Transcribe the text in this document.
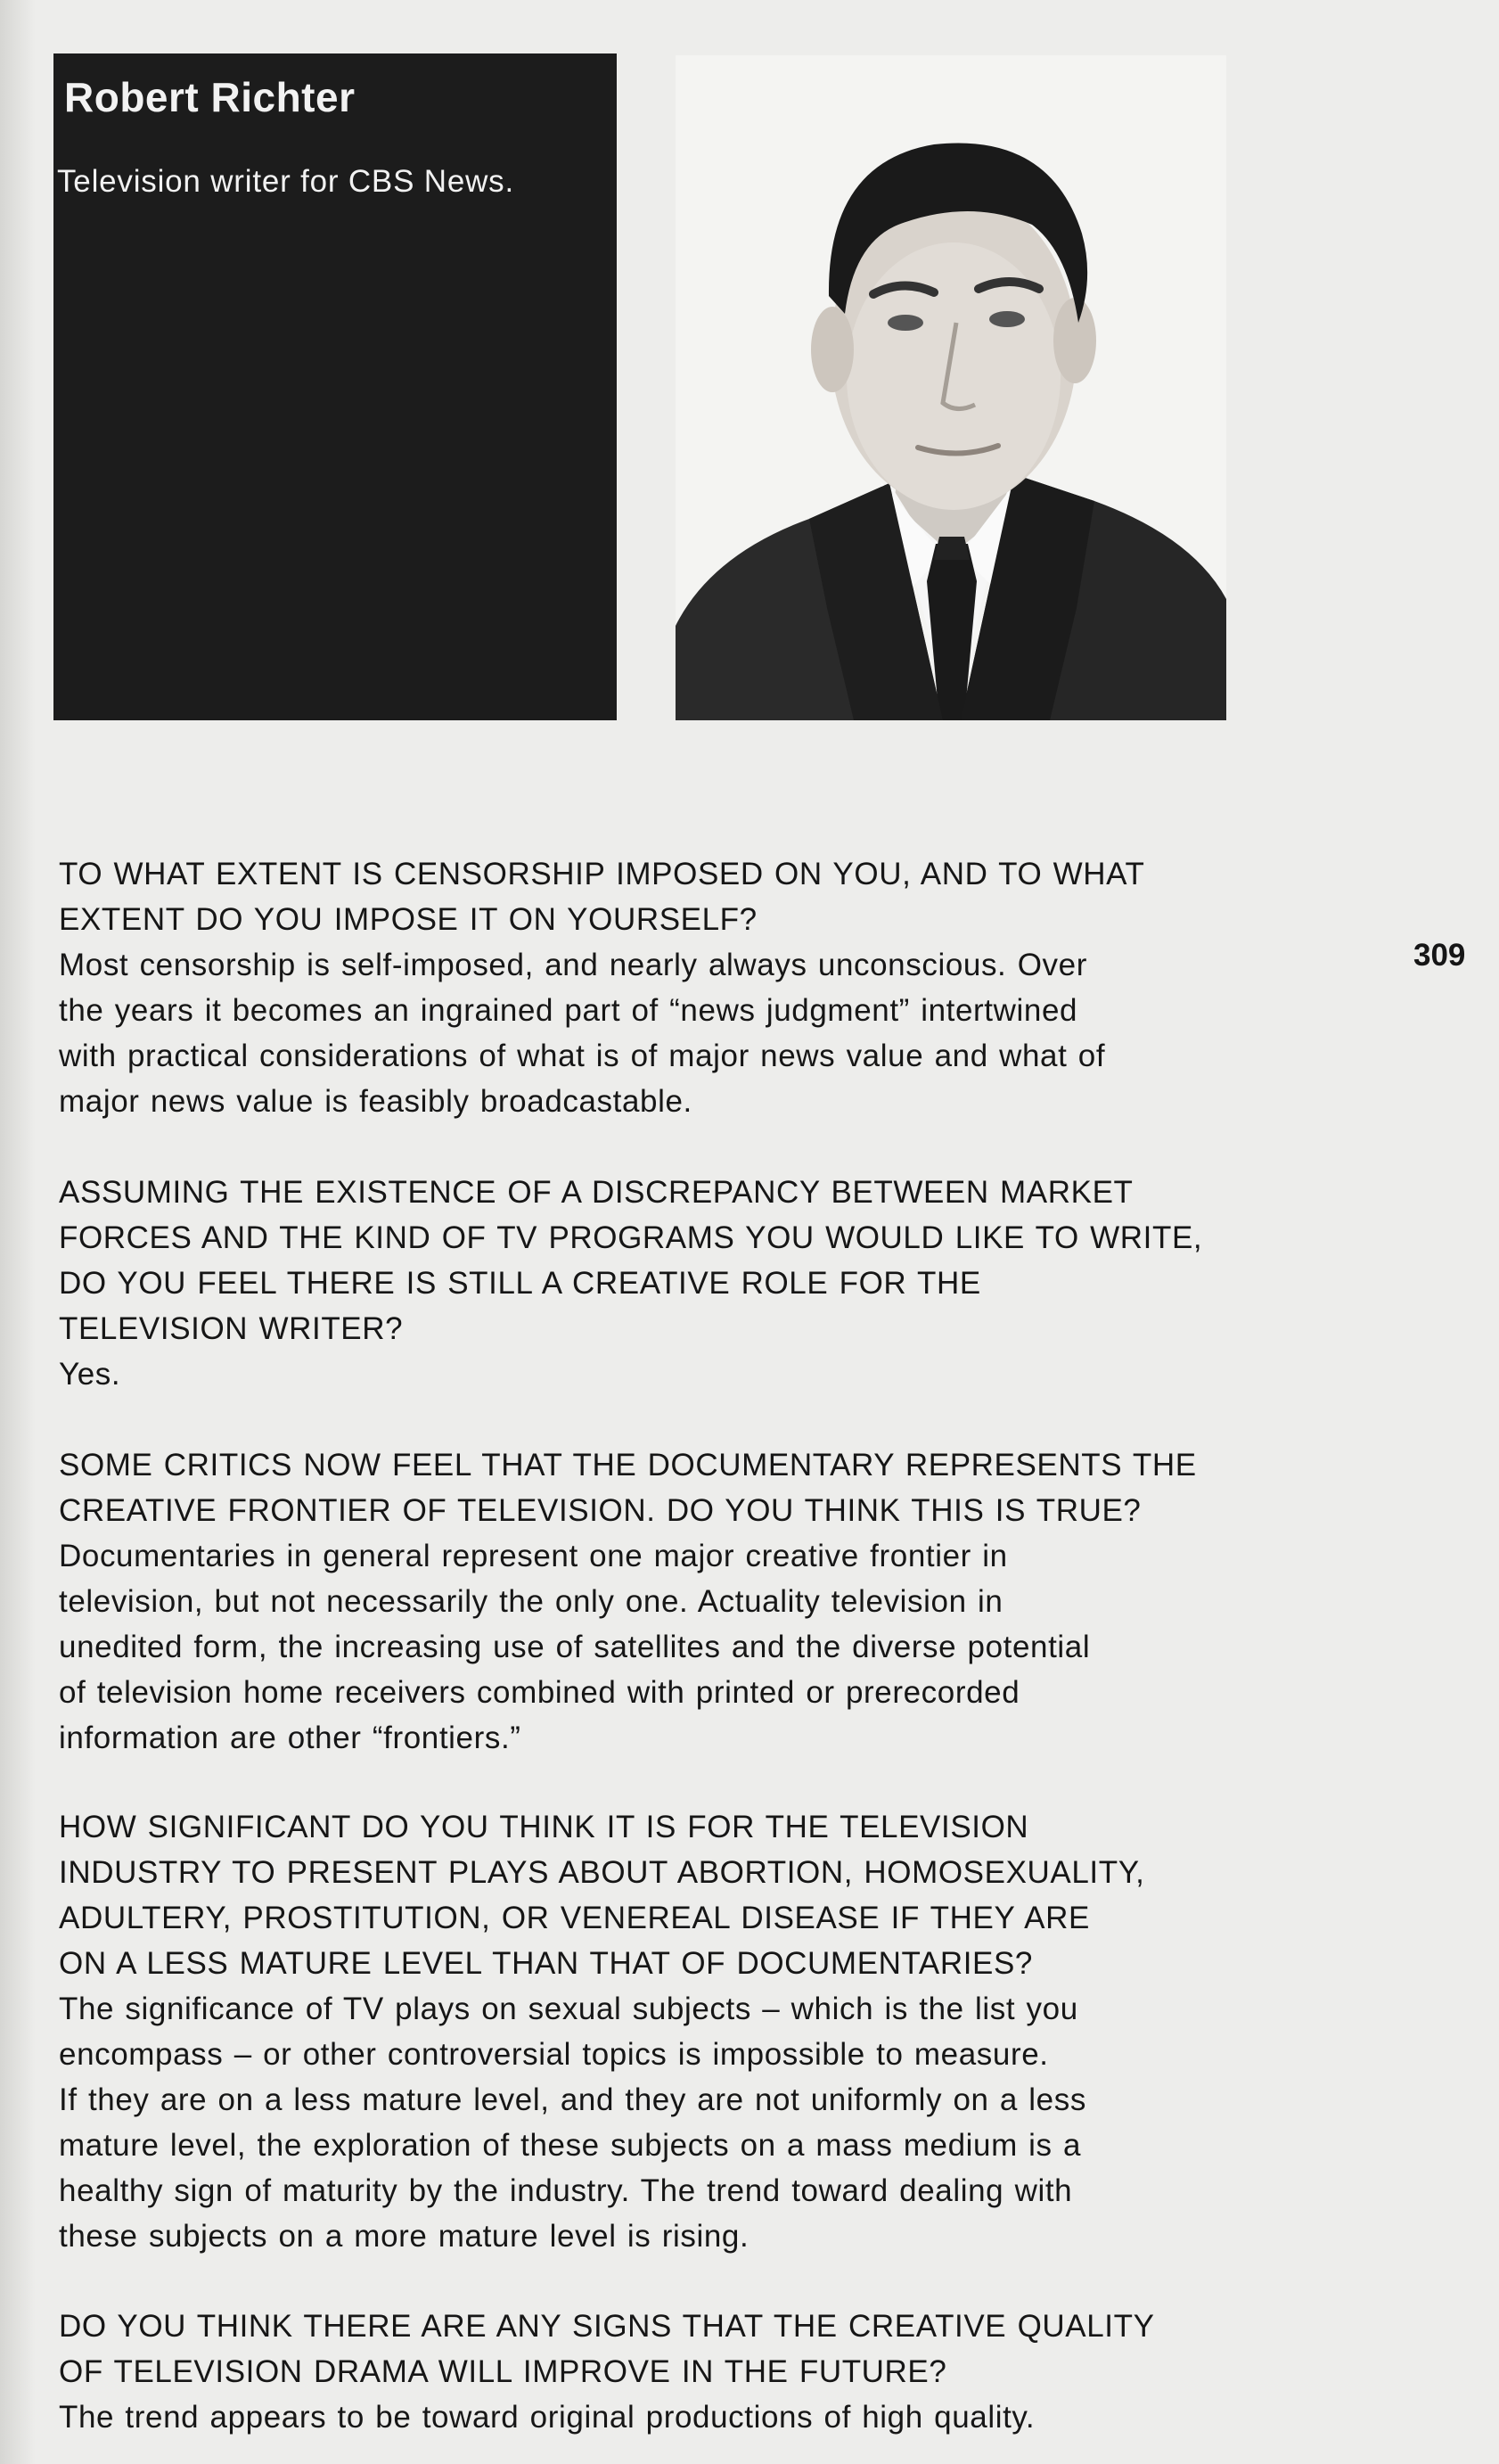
Robert Richter
Television writer for CBS News.
309
TO WHAT EXTENT IS CENSORSHIP IMPOSED ON YOU, AND TO WHAT
EXTENT DO YOU IMPOSE IT ON YOURSELF?
Most censorship is self-imposed, and nearly always unconscious. Over
the years it becomes an ingrained part of “news judgment” intertwined
with practical considerations of what is of major news value and what of
major news value is feasibly broadcastable.
ASSUMING THE EXISTENCE OF A DISCREPANCY BETWEEN MARKET
FORCES AND THE KIND OF TV PROGRAMS YOU WOULD LIKE TO WRITE,
DO YOU FEEL THERE IS STILL A CREATIVE ROLE FOR THE
TELEVISION WRITER?
Yes.
SOME CRITICS NOW FEEL THAT THE DOCUMENTARY REPRESENTS THE
CREATIVE FRONTIER OF TELEVISION. DO YOU THINK THIS IS TRUE?
Documentaries in general represent one major creative frontier in
television, but not necessarily the only one. Actuality television in
unedited form, the increasing use of satellites and the diverse potential
of television home receivers combined with printed or prerecorded
information are other “frontiers.”
HOW SIGNIFICANT DO YOU THINK IT IS FOR THE TELEVISION
INDUSTRY TO PRESENT PLAYS ABOUT ABORTION, HOMOSEXUALITY,
ADULTERY, PROSTITUTION, OR VENEREAL DISEASE IF THEY ARE
ON A LESS MATURE LEVEL THAN THAT OF DOCUMENTARIES?
The significance of TV plays on sexual subjects – which is the list you
encompass – or other controversial topics is impossible to measure.
If they are on a less mature level, and they are not uniformly on a less
mature level, the exploration of these subjects on a mass medium is a
healthy sign of maturity by the industry. The trend toward dealing with
these subjects on a more mature level is rising.
DO YOU THINK THERE ARE ANY SIGNS THAT THE CREATIVE QUALITY
OF TELEVISION DRAMA WILL IMPROVE IN THE FUTURE?
The trend appears to be toward original productions of high quality.
